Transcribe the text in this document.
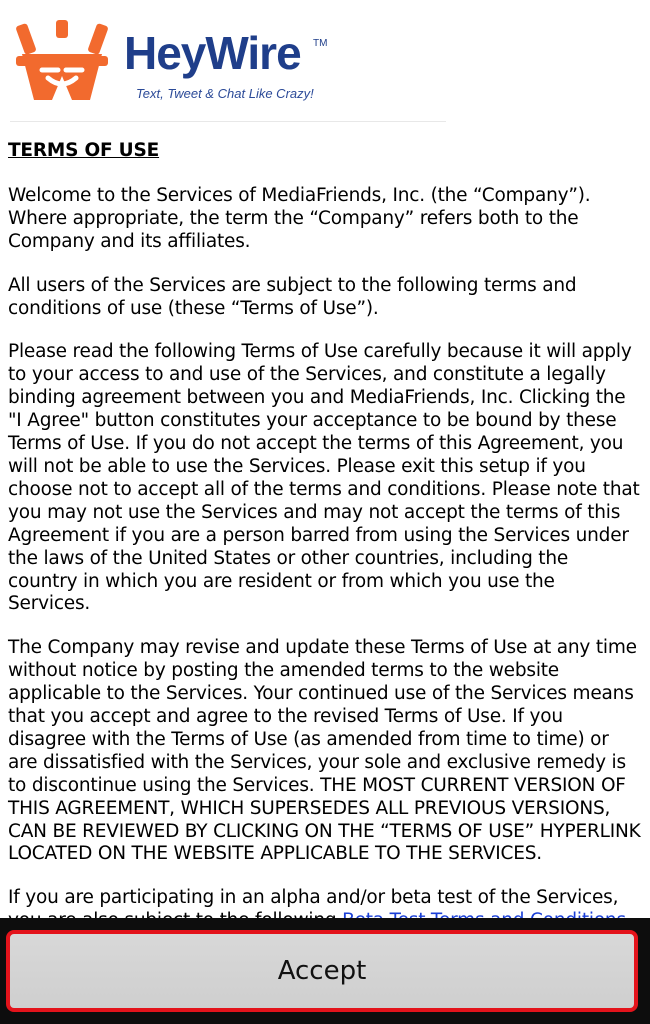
HeyWire TM
Text, Tweet & Chat Like Crazy!
TERMS OF USE

Welcome to the Services of MediaFriends, Inc. (the “Company”). Where appropriate, the term the “Company” refers both to the Company and its affiliates.

All users of the Services are subject to the following terms and conditions of use (these “Terms of Use”).

Please read the following Terms of Use carefully because it will apply to your access to and use of the Services, and constitute a legally binding agreement between you and MediaFriends, Inc. Clicking the "I Agree" button constitutes your acceptance to be bound by these Terms of Use. If you do not accept the terms of this Agreement, you will not be able to use the Services. Please exit this setup if you choose not to accept all of the terms and conditions. Please note that you may not use the Services and may not accept the terms of this Agreement if you are a person barred from using the Services under the laws of the United States or other countries, including the country in which you are resident or from which you use the Services.

The Company may revise and update these Terms of Use at any time without notice by posting the amended terms to the website applicable to the Services. Your continued use of the Services means that you accept and agree to the revised Terms of Use. If you disagree with the Terms of Use (as amended from time to time) or are dissatisfied with the Services, your sole and exclusive remedy is to discontinue using the Services. THE MOST CURRENT VERSION OF THIS AGREEMENT, WHICH SUPERSEDES ALL PREVIOUS VERSIONS, CAN BE REVIEWED BY CLICKING ON THE “TERMS OF USE” HYPERLINK LOCATED ON THE WEBSITE APPLICABLE TO THE SERVICES.

If you are participating in an alpha and/or beta test of the Services,

Accept
